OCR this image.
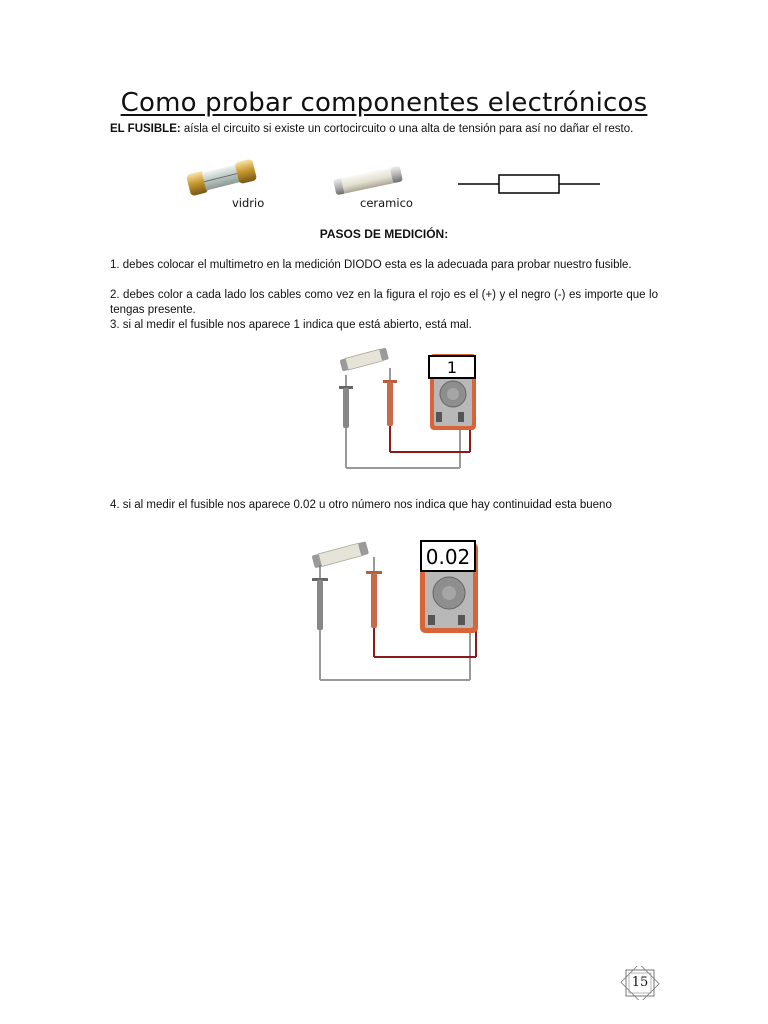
Como probar componentes electrónicos

EL FUSIBLE: aísla el circuito si existe un cortocircuito o una alta de tensión para así no dañar el resto.

vidrio	ceramico
PASOS DE MEDICIÓN:

1. debes colocar el multimetro en la medición DIODO esta es la adecuada para probar nuestro fusible.

2. debes color a cada lado los cables como vez en la figura el rojo es el (+) y el negro (-) es importe que lo tengas presente.

3. si al medir el fusible nos aparece 1 indica que está abierto, está mal.

1

4. si al medir el fusible nos aparece 0.02 u otro número nos indica que hay continuidad esta bueno

0.02
15
